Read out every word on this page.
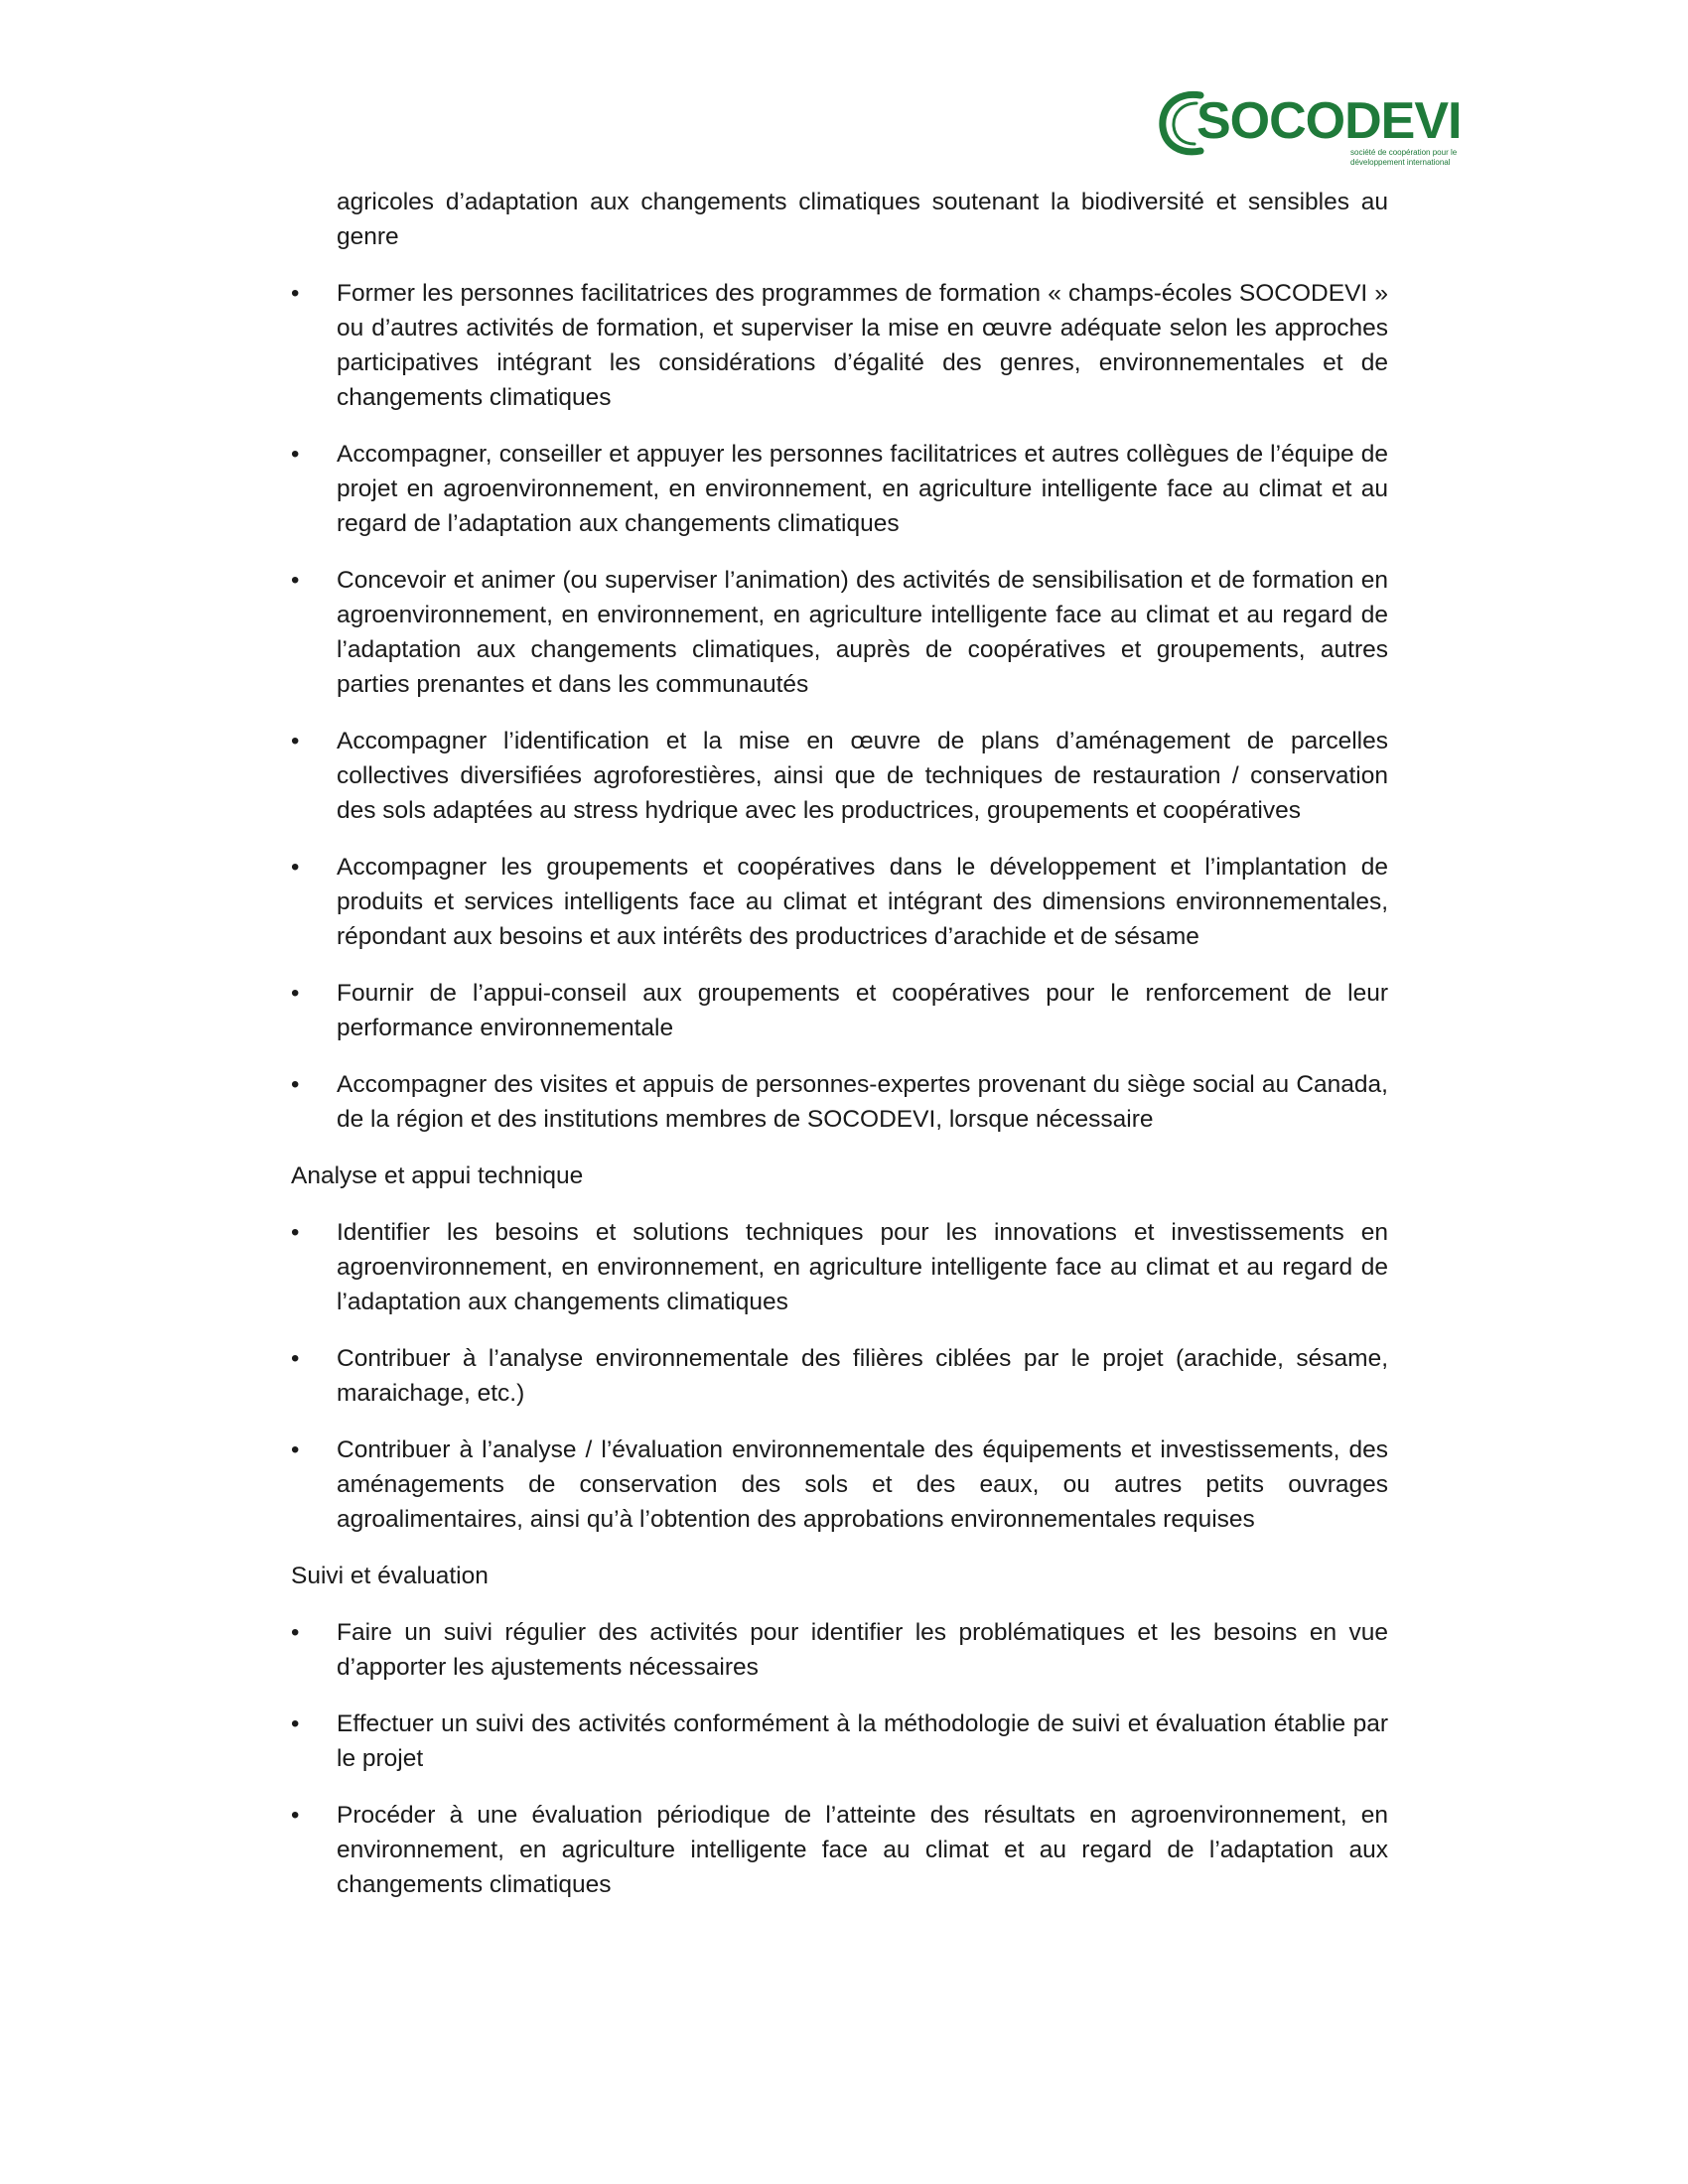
SOCODEVI
société de coopération pour le
développement international
agricoles d’adaptation aux changements climatiques soutenant la biodiversité et sensibles au genre
• Former les personnes facilitatrices des programmes de formation « champs-écoles SOCODEVI » ou d’autres activités de formation, et superviser la mise en œuvre adéquate selon les approches participatives intégrant les considérations d’égalité des genres, environnementales et de changements climatiques
• Accompagner, conseiller et appuyer les personnes facilitatrices et autres collègues de l’équipe de projet en agroenvironnement, en environnement, en agriculture intelligente face au climat et au regard de l’adaptation aux changements climatiques
• Concevoir et animer (ou superviser l’animation) des activités de sensibilisation et de formation en agroenvironnement, en environnement, en agriculture intelligente face au climat et au regard de l’adaptation aux changements climatiques, auprès de coopératives et groupements, autres parties prenantes et dans les communautés
• Accompagner l’identification et la mise en œuvre de plans d’aménagement de parcelles collectives diversifiées agroforestières, ainsi que de techniques de restauration / conservation des sols adaptées au stress hydrique avec les productrices, groupements et coopératives
• Accompagner les groupements et coopératives dans le développement et l’implantation de produits et services intelligents face au climat et intégrant des dimensions environnementales, répondant aux besoins et aux intérêts des productrices d’arachide et de sésame
• Fournir de l’appui-conseil aux groupements et coopératives pour le renforcement de leur performance environnementale
• Accompagner des visites et appuis de personnes-expertes provenant du siège social au Canada, de la région et des institutions membres de SOCODEVI, lorsque nécessaire
Analyse et appui technique
• Identifier les besoins et solutions techniques pour les innovations et investissements en agroenvironnement, en environnement, en agriculture intelligente face au climat et au regard de l’adaptation aux changements climatiques
• Contribuer à l’analyse environnementale des filières ciblées par le projet (arachide, sésame, maraichage, etc.)
• Contribuer à l’analyse / l’évaluation environnementale des équipements et investissements, des aménagements de conservation des sols et des eaux, ou autres petits ouvrages agroalimentaires, ainsi qu’à l’obtention des approbations environnementales requises
Suivi et évaluation
• Faire un suivi régulier des activités pour identifier les problématiques et les besoins en vue d’apporter les ajustements nécessaires
• Effectuer un suivi des activités conformément à la méthodologie de suivi et évaluation établie par le projet
• Procéder à une évaluation périodique de l’atteinte des résultats en agroenvironnement, en environnement, en agriculture intelligente face au climat et au regard de l’adaptation aux changements climatiques
